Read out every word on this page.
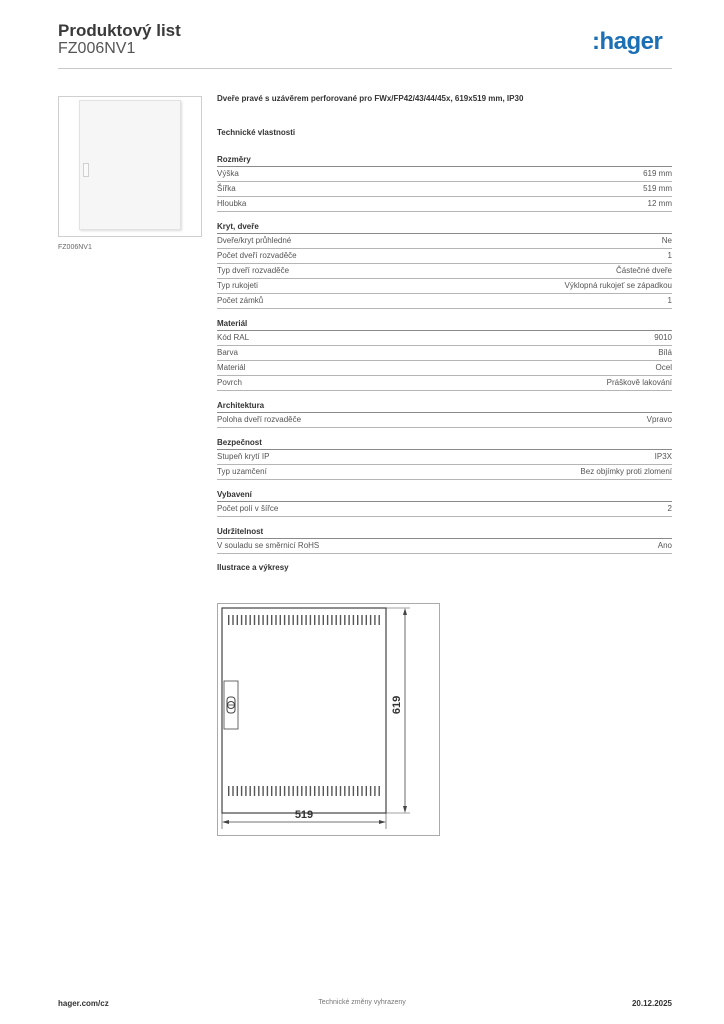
Produktový list
FZ006NV1	:hager
FZ006NV1
Dveře pravé s uzávěrem perforované pro FWx/FP42/43/44/45x, 619x519 mm, IP30
Technické vlastnosti
Rozměry
Výška	619 mm
Šířka	519 mm
Hloubka	12 mm
Kryt, dveře
Dveře/kryt průhledné	Ne
Počet dveří rozvaděče	1
Typ dveří rozvaděče	Částečné dveře
Typ rukojeti	Výklopná rukojeť se západkou
Počet zámků	1
Materiál
Kód RAL	9010
Barva	Bílá
Materiál	Ocel
Povrch	Práškově lakování
Architektura
Poloha dveří rozvaděče	Vpravo
Bezpečnost
Stupeň krytí IP	IP3X
Typ uzamčení	Bez objímky proti zlomení
Vybavení
Počet polí v šířce	2
Udržitelnost
V souladu se směrnicí RoHS	Ano
Ilustrace a výkresy
619
519
hager.com/cz	Technické změny vyhrazeny	20.12.2025
